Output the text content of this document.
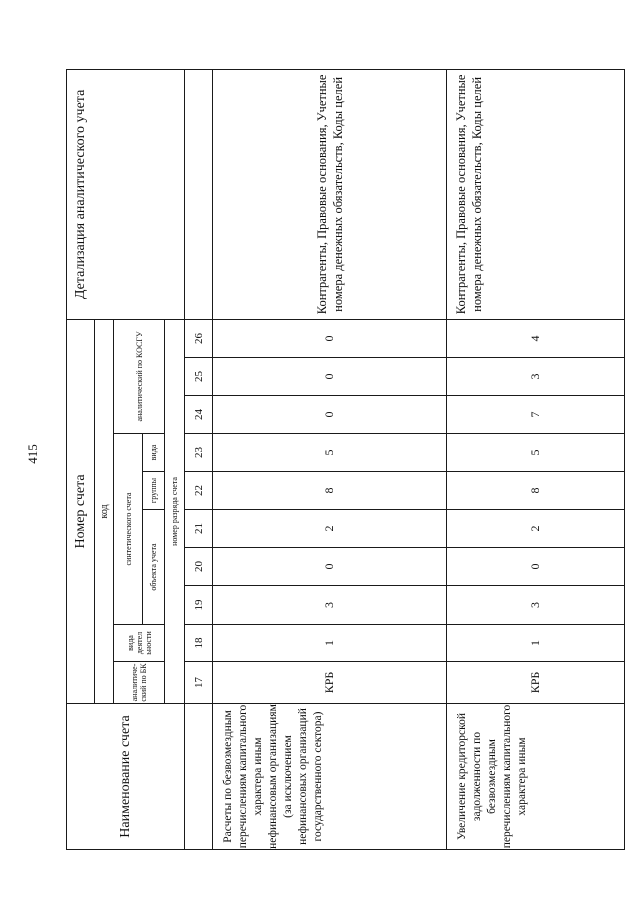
415
Наименование счета	Номер счета										Детализация аналитического учета
	код										
	аналитический по БК	вида деятел ьности	синтетического счета					аналитический по КОСГУ			
			объекта учета			группы	вида				
	номер разряда счета										
	17	18	19	20	21	22	23	24	25	26	
Расчеты по безвозмездным перечислениям капитального характера иным нефинансовым организациям (за исключением нефинансовых организаций государственного сектора)	КРБ	1	3	0	2	8	5	0	0	0	Контрагенты, Правовые основания, Учетные номера денежных обязательств, Коды целей
Увеличение кредиторской задолженности по безвозмездным перечислениям капитального характера иным	КРБ	1	3	0	2	8	5	7	3	4	Контрагенты, Правовые основания, Учетные номера денежных обязательств, Коды целей
